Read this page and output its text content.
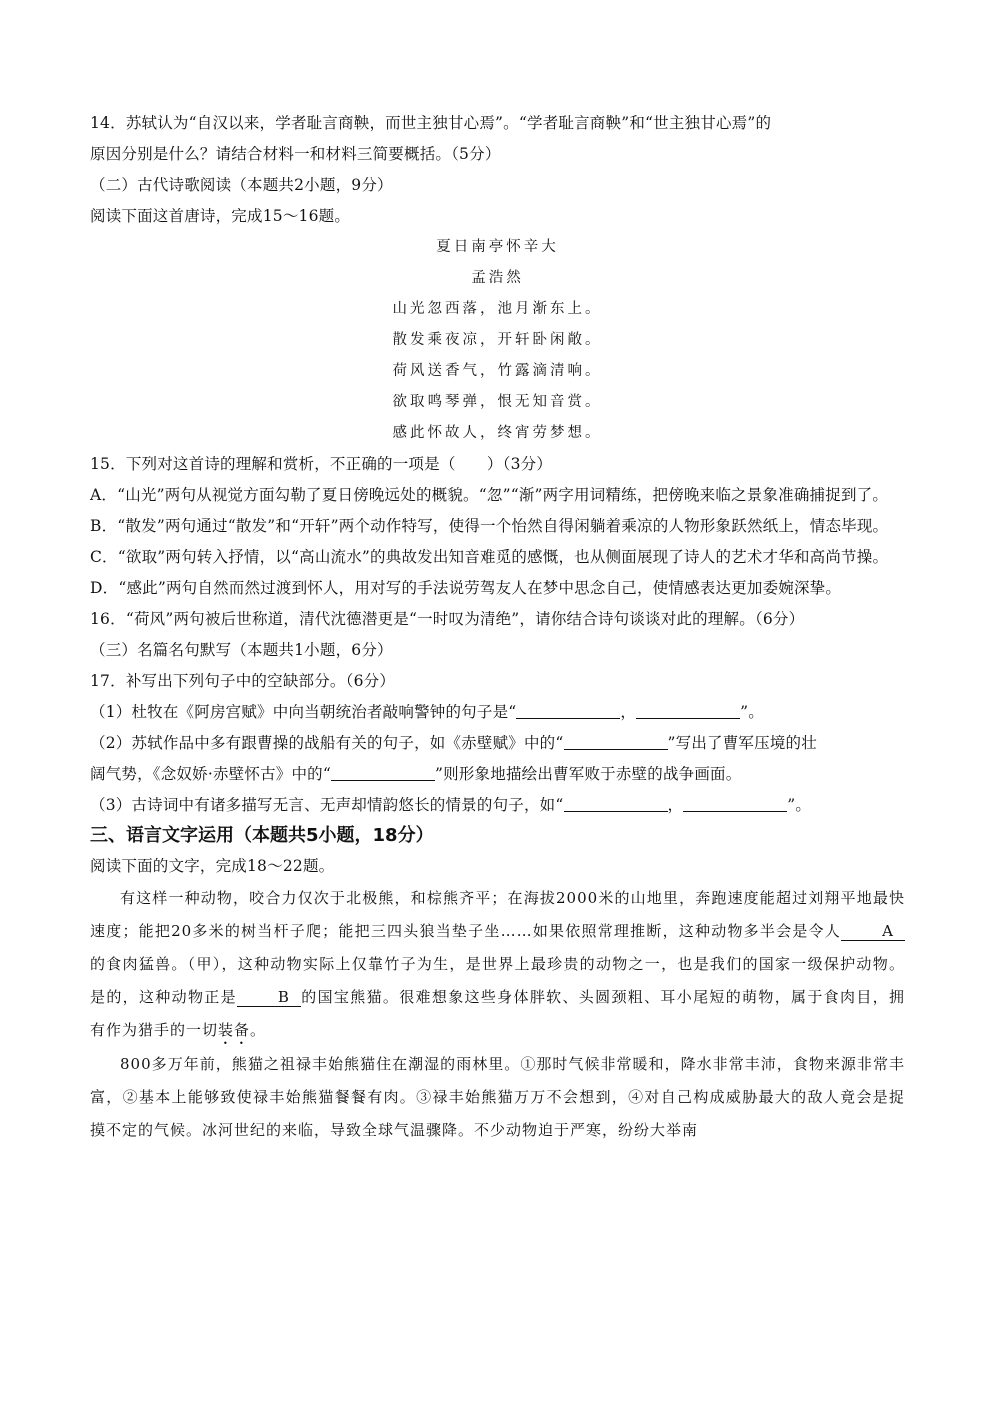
14．苏轼认为“自汉以来，学者耻言商鞅，而世主独甘心焉”。“学者耻言商鞅”和“世主独甘心焉”的
原因分别是什么？请结合材料一和材料三简要概括。（5分）
（二）古代诗歌阅读（本题共2小题，9分）
阅读下面这首唐诗，完成15～16题。
夏日南亭怀辛大
孟浩然
山光忽西落，池月渐东上。
散发乘夜凉，开轩卧闲敞。
荷风送香气，竹露滴清响。
欲取鸣琴弹，恨无知音赏。
感此怀故人，终宵劳梦想。
15．下列对这首诗的理解和赏析，不正确的一项是（　　）（3分）
A．“山光”两句从视觉方面勾勒了夏日傍晚远处的概貌。“忽”“渐”两字用词精练，把傍晚来临之景象准确捕捉到了。
B．“散发”两句通过“散发”和“开轩”两个动作特写，使得一个怡然自得闲躺着乘凉的人物形象跃然纸上，情态毕现。
C．“欲取”两句转入抒情，以“高山流水”的典故发出知音难觅的感慨，也从侧面展现了诗人的艺术才华和高尚节操。
D．“感此”两句自然而然过渡到怀人，用对写的手法说劳驾友人在梦中思念自己，使情感表达更加委婉深挚。
16．“荷风”两句被后世称道，清代沈德潜更是“一时叹为清绝”，请你结合诗句谈谈对此的理解。（6分）
（三）名篇名句默写（本题共1小题，6分）
17．补写出下列句子中的空缺部分。（6分）
（1）杜牧在《阿房宫赋》中向当朝统治者敲响警钟的句子是“	，	”。
（2）苏轼作品中多有跟曹操的战船有关的句子，如《赤壁赋》中的“	”写出了曹军压境的壮
阔气势，《念奴娇·赤壁怀古》中的“	”则形象地描绘出曹军败于赤壁的战争画面。
（3）古诗词中有诸多描写无言、无声却情韵悠长的情景的句子，如“	，	”。
三、语言文字运用（本题共5小题，18分）
阅读下面的文字，完成18～22题。
有这样一种动物，咬合力仅次于北极熊，和棕熊齐平；在海拔2000米的山地里，奔跑速度能超过刘翔平地最快速度；能把20多米的树当杆子爬；能把三四头狼当垫子坐……如果依照常理推断，这种动物多半会是令人	A的食肉猛兽。（甲），这种动物实际上仅靠竹子为生，是世界上最珍贵的动物之一，也是我们的国家一级保护动物。是的，这种动物正是	B 的国宝熊猫。很难想象这些身体胖软、头圆颈粗、耳小尾短的萌物，属于食肉目，拥有作为猎手的一切装备。
800多万年前，熊猫之祖禄丰始熊猫住在潮湿的雨林里。①那时气候非常暖和，降水非常丰沛，食物来源非常丰富，②基本上能够致使禄丰始熊猫餐餐有肉。③禄丰始熊猫万万不会想到，④对自己构成威胁最大的敌人竟会是捉摸不定的气候。冰河世纪的来临，导致全球气温骤降。不少动物迫于严寒，纷纷大举南
